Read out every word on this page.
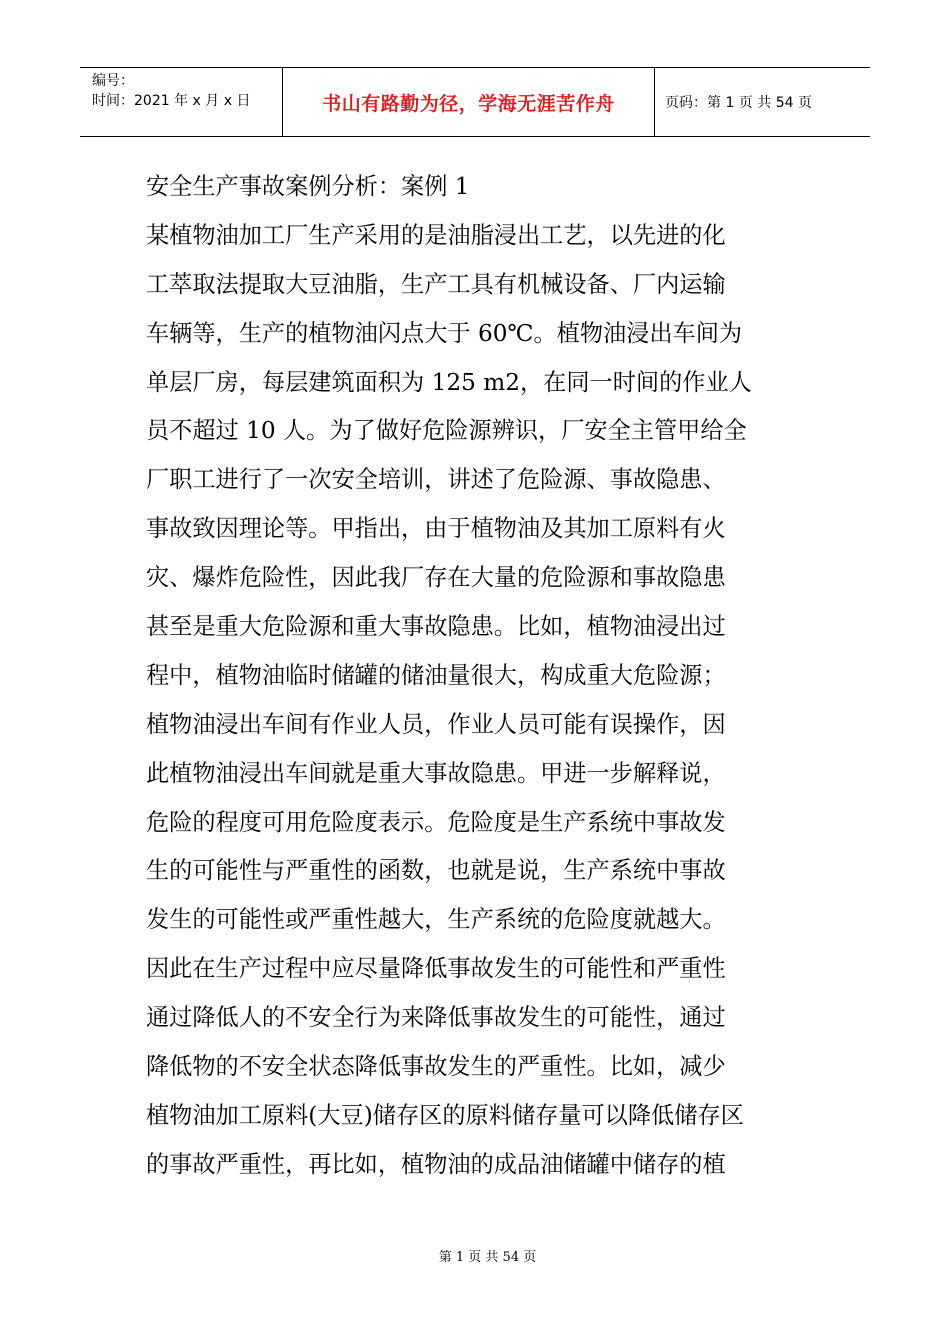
编号：
时间：2021 年 x 月 x 日	书山有路勤为径，学海无涯苦作舟	页码：第 1 页 共 54 页
安全生产事故案例分析：案例 1
某植物油加工厂生产采用的是油脂浸出工艺，以先进的化
工萃取法提取大豆油脂，生产工具有机械设备、厂内运输
车辆等，生产的植物油闪点大于 60℃。植物油浸出车间为
单层厂房，每层建筑面积为 125 m2，在同一时间的作业人
员不超过 10 人。为了做好危险源辨识，厂安全主管甲给全
厂职工进行了一次安全培训，讲述了危险源、事故隐患、
事故致因理论等。甲指出，由于植物油及其加工原料有火
灾、爆炸危险性，因此我厂存在大量的危险源和事故隐患
甚至是重大危险源和重大事故隐患。比如，植物油浸出过
程中，植物油临时储罐的储油量很大，构成重大危险源；
植物油浸出车间有作业人员，作业人员可能有误操作，因
此植物油浸出车间就是重大事故隐患。甲进一步解释说，
危险的程度可用危险度表示。危险度是生产系统中事故发
生的可能性与严重性的函数，也就是说，生产系统中事故
发生的可能性或严重性越大，生产系统的危险度就越大。
因此在生产过程中应尽量降低事故发生的可能性和严重性
通过降低人的不安全行为来降低事故发生的可能性，通过
降低物的不安全状态降低事故发生的严重性。比如，减少
植物油加工原料(大豆)储存区的原料储存量可以降低储存区
的事故严重性，再比如，植物油的成品油储罐中储存的植
第 1 页 共 54 页
